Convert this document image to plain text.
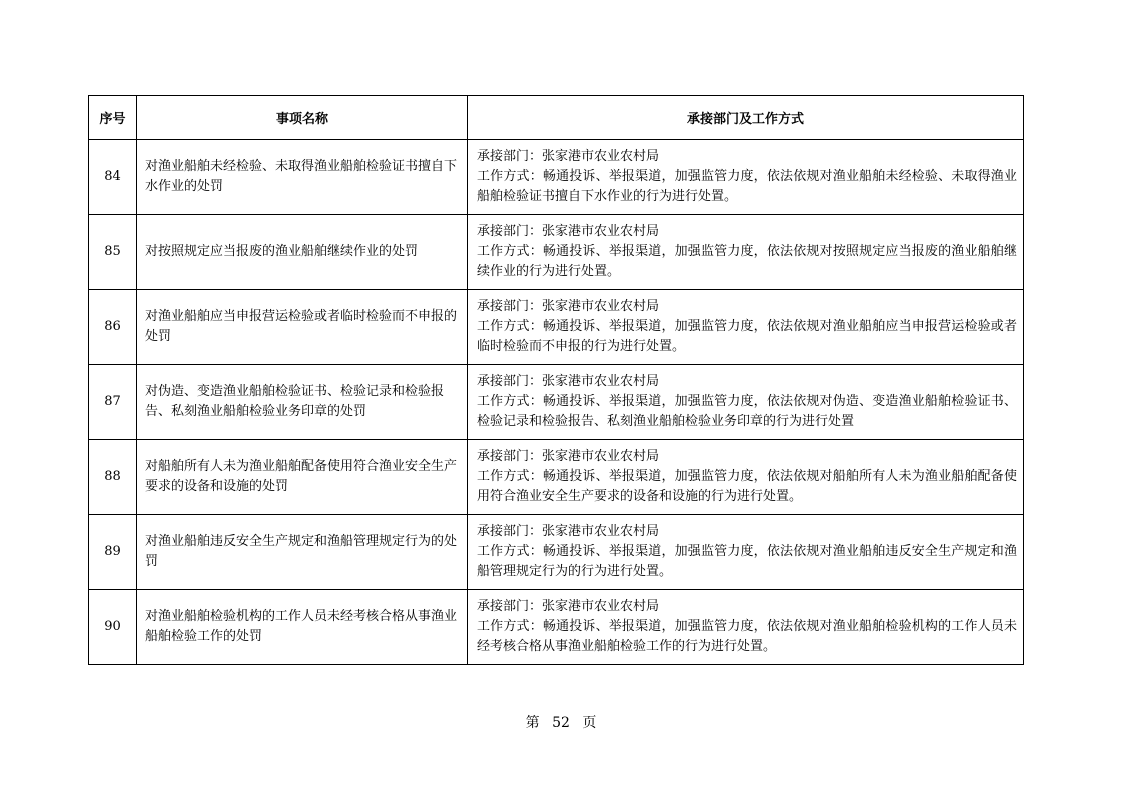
序号	事项名称	承接部门及工作方式
84	对渔业船舶未经检验、未取得渔业船舶检验证书擅自下水作业的处罚	承接部门：张家港市农业农村局
工作方式：畅通投诉、举报渠道，加强监管力度，依法依规对渔业船舶未经检验、未取得渔业船舶检验证书擅自下水作业的行为进行处置。

85	对按照规定应当报废的渔业船舶继续作业的处罚	承接部门：张家港市农业农村局
工作方式：畅通投诉、举报渠道，加强监管力度，依法依规对按照规定应当报废的渔业船舶继续作业的行为进行处置。

86	对渔业船舶应当申报营运检验或者临时检验而不申报的处罚	承接部门：张家港市农业农村局
工作方式：畅通投诉、举报渠道，加强监管力度，依法依规对渔业船舶应当申报营运检验或者临时检验而不申报的行为进行处置。

87	对伪造、变造渔业船舶检验证书、检验记录和检验报告、私刻渔业船舶检验业务印章的处罚	承接部门：张家港市农业农村局
工作方式：畅通投诉、举报渠道，加强监管力度，依法依规对伪造、变造渔业船舶检验证书、检验记录和检验报告、私刻渔业船舶检验业务印章的行为进行处置

88	对船舶所有人未为渔业船舶配备使用符合渔业安全生产要求的设备和设施的处罚	承接部门：张家港市农业农村局
工作方式：畅通投诉、举报渠道，加强监管力度，依法依规对船舶所有人未为渔业船舶配备使用符合渔业安全生产要求的设备和设施的行为进行处置。

89	对渔业船舶违反安全生产规定和渔船管理规定行为的处罚	承接部门：张家港市农业农村局
工作方式：畅通投诉、举报渠道，加强监管力度，依法依规对渔业船舶违反安全生产规定和渔船管理规定行为的行为进行处置。

90	对渔业船舶检验机构的工作人员未经考核合格从事渔业船舶检验工作的处罚	承接部门：张家港市农业农村局
工作方式：畅通投诉、举报渠道，加强监管力度，依法依规对渔业船舶检验机构的工作人员未经考核合格从事渔业船舶检验工作的行为进行处置。
第 52 页
